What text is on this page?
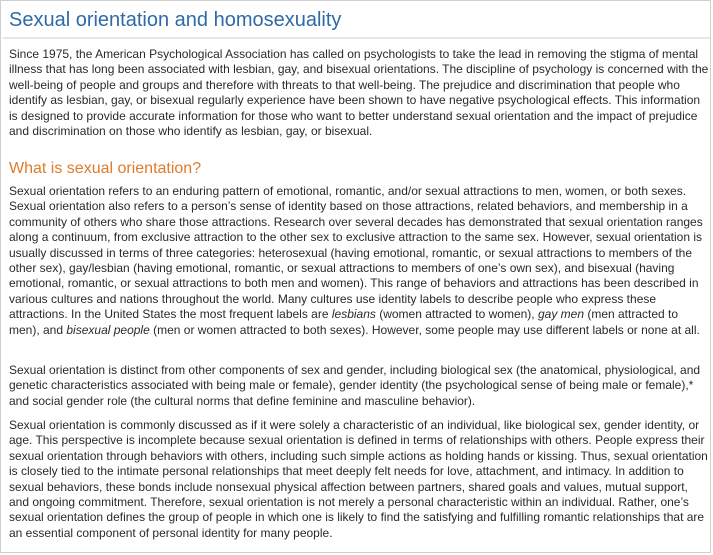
Sexual orientation and homosexuality

Since 1975, the American Psychological Association has called on psychologists to take the lead in removing the stigma of mental illness that has long been associated with lesbian, gay, and bisexual orientations. The discipline of psychology is concerned with the well-being of people and groups and therefore with threats to that well-being. The prejudice and discrimination that people who identify as lesbian, gay, or bisexual regularly experience have been shown to have negative psychological effects. This information is designed to provide accurate information for those who want to better understand sexual orientation and the impact of prejudice and discrimination on those who identify as lesbian, gay, or bisexual.

What is sexual orientation?

Sexual orientation refers to an enduring pattern of emotional, romantic, and/or sexual attractions to men, women, or both sexes. Sexual orientation also refers to a person’s sense of identity based on those attractions, related behaviors, and membership in a community of others who share those attractions. Research over several decades has demonstrated that sexual orientation ranges along a continuum, from exclusive attraction to the other sex to exclusive attraction to the same sex. However, sexual orientation is usually discussed in terms of three categories: heterosexual (having emotional, romantic, or sexual attractions to members of the other sex), gay/lesbian (having emotional, romantic, or sexual attractions to members of one’s own sex), and bisexual (having emotional, romantic, or sexual attractions to both men and women). This range of behaviors and attractions has been described in various cultures and nations throughout the world. Many cultures use identity labels to describe people who express these attractions. In the United States the most frequent labels are lesbians (women attracted to women), gay men (men attracted to men), and bisexual people (men or women attracted to both sexes). However, some people may use different labels or none at all.

Sexual orientation is distinct from other components of sex and gender, including biological sex (the anatomical, physiological, and genetic characteristics associated with being male or female), gender identity (the psychological sense of being male or female),* and social gender role (the cultural norms that define feminine and masculine behavior).

Sexual orientation is commonly discussed as if it were solely a characteristic of an individual, like biological sex, gender identity, or age. This perspective is incomplete because sexual orientation is defined in terms of relationships with others. People express their sexual orientation through behaviors with others, including such simple actions as holding hands or kissing. Thus, sexual orientation is closely tied to the intimate personal relationships that meet deeply felt needs for love, attachment, and intimacy. In addition to sexual behaviors, these bonds include nonsexual physical affection between partners, shared goals and values, mutual support, and ongoing commitment. Therefore, sexual orientation is not merely a personal characteristic within an individual. Rather, one’s sexual orientation defines the group of people in which one is likely to find the satisfying and fulfilling romantic relationships that are an essential component of personal identity for many people.
